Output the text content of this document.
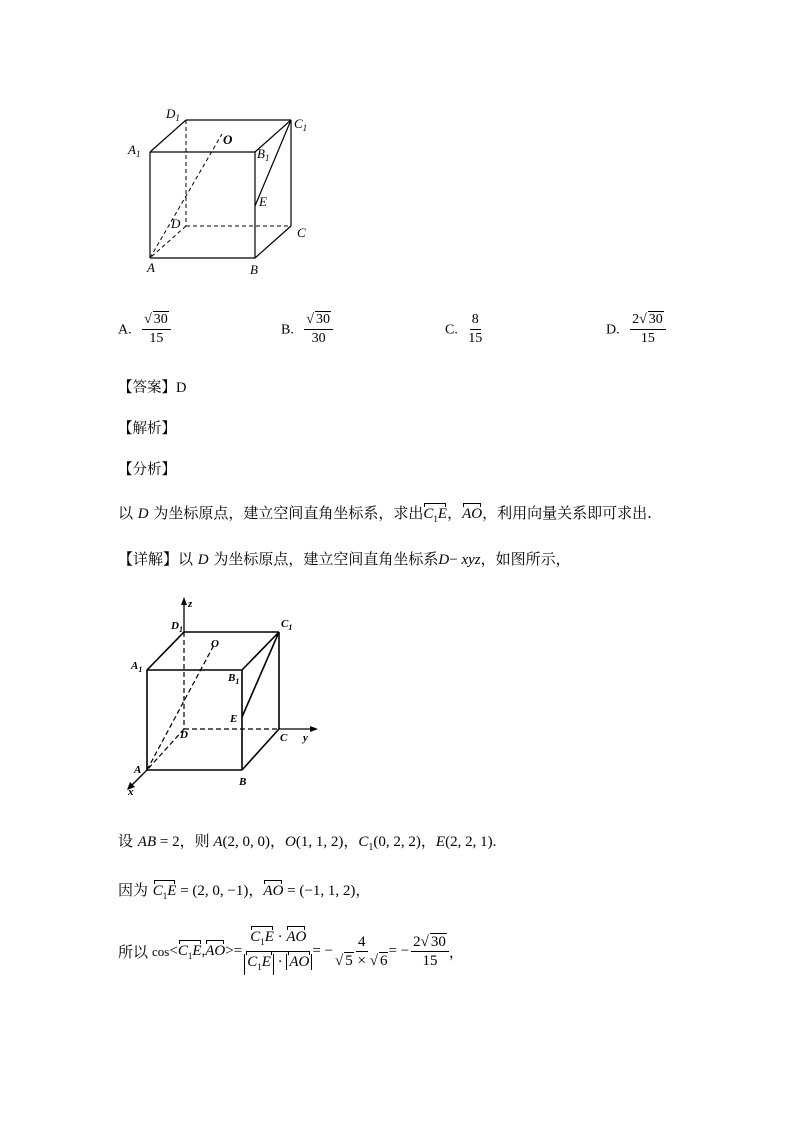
$D_1$	$C_1$
$A_1$	$B_1$
O
E
D
C
A	B
A. $\frac{√ 30}{15}$	B. $\frac{√ 30}{30}$	C. $\frac{8}{15}$	D. $\frac{2√ 30}{15}$
【答案】D
【解析】
【分析】
以 D 为坐标原点，建立空间直角坐标系，求出$C_1E$，AO，利用向量关系即可求出.
【详解】以 D 为坐标原点，建立空间直角坐标系D− xyz，如图所示，
z
y
x
$D_1$	$C_1$
$A_1$
$B_1$
O
E
D	C
A
B
设 AB = 2，则 A(2, 0, 0)，O(1, 1, 2)，$C_1(0$, 2, 2)，E(2, 2, 1).
因为 $C_1E = (2$, 0, −1)，AO = (−1, 1, 2)，
所以 $\cos < C_1E$ , AO >= $\frac{C_1E \cdot AO}{C_1E \cdot AO}$ = − $\frac{4}{√ 5 \times √ 6}$ = − $\frac{2√ 30}{15}$ ，
